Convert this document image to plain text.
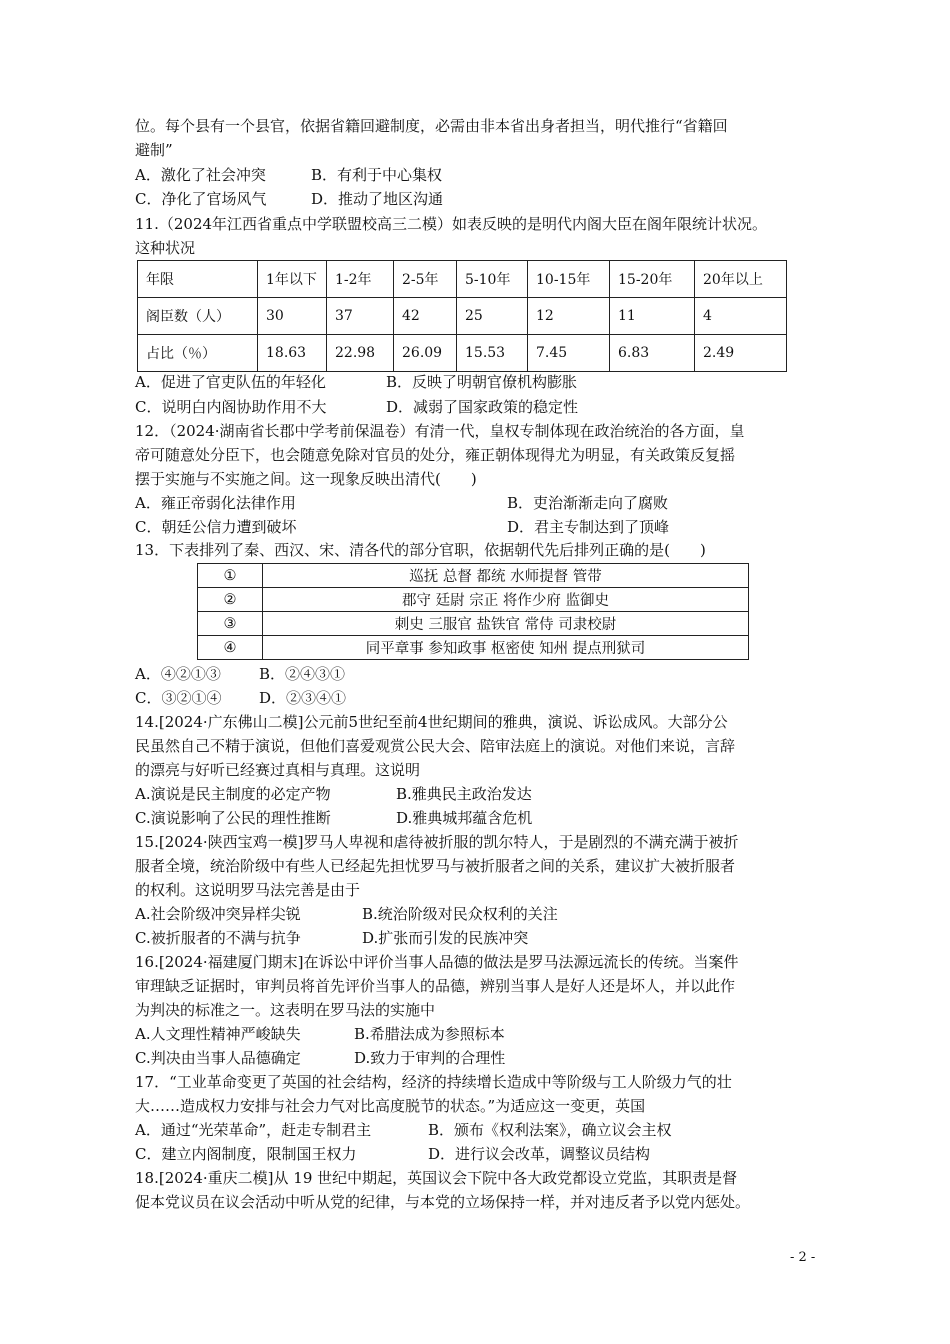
位。每个县有一个县官，依据省籍回避制度，必需由非本省出身者担当，明代推行“省籍回
避制”
A．激化了社会冲突	B．有利于中心集权
C．净化了官场风气	D．推动了地区沟通
11.（2024年江西省重点中学联盟校高三二模）如表反映的是明代内阁大臣在阁年限统计状况。
这种状况
年限	1年以下	1-2年	2-5年	5-10年	10-15年	15-20年	20年以上
阁臣数（人）	30	37	42	25	12	11	4
占比（％）	18.63	22.98	26.09	15.53	7.45	6.83	2.49
A．促进了官吏队伍的年轻化	B．反映了明朝官僚机构膨胀
C．说明白内阁协助作用不大	D．减弱了国家政策的稳定性
12．（2024·湖南省长郡中学考前保温卷）有清一代，皇权专制体现在政治统治的各方面，皇
帝可随意处分臣下，也会随意免除对官员的处分，雍正朝体现得尤为明显，有关政策反复摇
摆于实施与不实施之间。这一现象反映出清代(　　)
A．雍正帝弱化法律作用	B．吏治渐渐走向了腐败
C．朝廷公信力遭到破坏	D．君主专制达到了顶峰
13．下表排列了秦、西汉、宋、清各代的部分官职，依据朝代先后排列正确的是(　　)
①	巡抚 总督 都统 水师提督 管带
②	郡守 廷尉 宗正 将作少府 监御史
③	刺史 三服官 盐铁官 常侍 司隶校尉
④	同平章事 参知政事 枢密使 知州 提点刑狱司
A．④②①③	B．②④③①
C．③②①④	D．②③④①
14.[2024·广东佛山二模]公元前5世纪至前4世纪期间的雅典，演说、诉讼成风。大部分公
民虽然自己不精于演说，但他们喜爱观赏公民大会、陪审法庭上的演说。对他们来说，言辞
的漂亮与好听已经赛过真相与真理。这说明
A.演说是民主制度的必定产物	B.雅典民主政治发达
C.演说影响了公民的理性推断	D.雅典城邦蕴含危机
15.[2024·陕西宝鸡一模]罗马人卑视和虐待被折服的凯尔特人，于是剧烈的不满充满于被折
服者全境，统治阶级中有些人已经起先担忧罗马与被折服者之间的关系，建议扩大被折服者
的权利。这说明罗马法完善是由于
A.社会阶级冲突异样尖锐	B.统治阶级对民众权利的关注
C.被折服者的不满与抗争	D.扩张而引发的民族冲突
16.[2024·福建厦门期末]在诉讼中评价当事人品德的做法是罗马法源远流长的传统。当案件
审理缺乏证据时，审判员将首先评价当事人的品德，辨别当事人是好人还是坏人，并以此作
为判决的标准之一。这表明在罗马法的实施中
A.人文理性精神严峻缺失	B.希腊法成为参照标本
C.判决由当事人品德确定	D.致力于审判的合理性
17．“工业革命变更了英国的社会结构，经济的持续增长造成中等阶级与工人阶级力气的壮
大……造成权力安排与社会力气对比高度脱节的状态。”为适应这一变更，英国
A．通过“光荣革命”，赶走专制君主	B．颁布《权利法案》，确立议会主权
C．建立内阁制度，限制国王权力	D．进行议会改革，调整议员结构
18.[2024·重庆二模]从 19 世纪中期起，英国议会下院中各大政党都设立党监，其职责是督
促本党议员在议会活动中听从党的纪律，与本党的立场保持一样，并对违反者予以党内惩处。
- 2 -
